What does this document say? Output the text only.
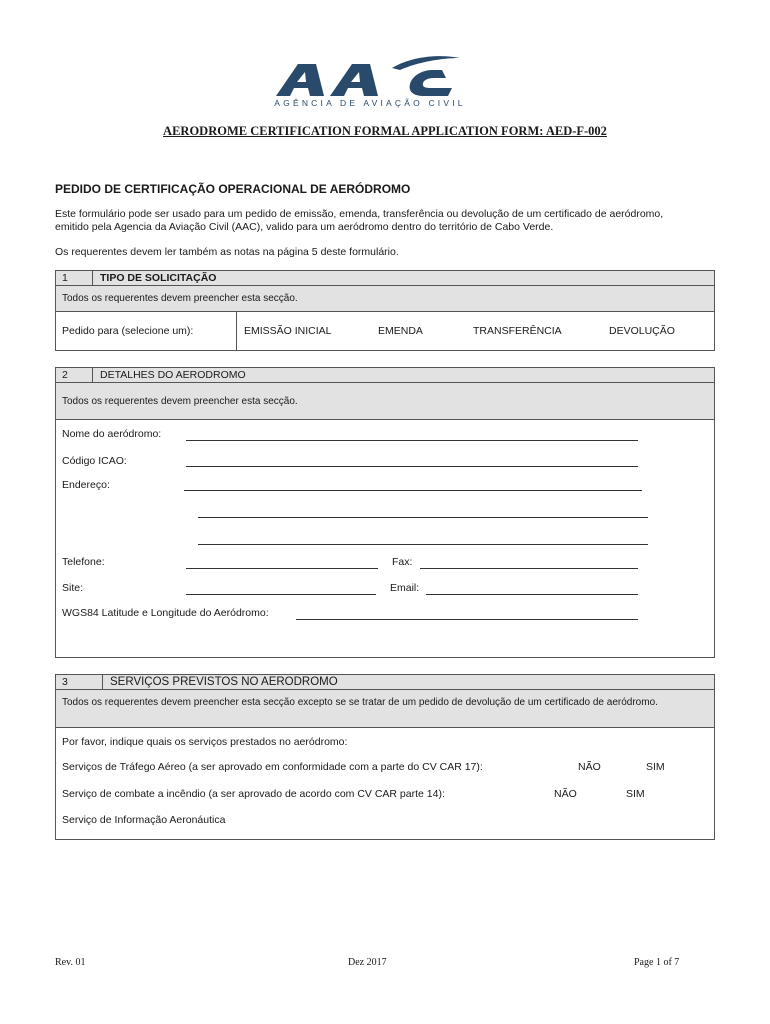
AGÊNCIA DE AVIAÇÃO CIVIL
AERODROME CERTIFICATION FORMAL APPLICATION FORM: AED-F-002
PEDIDO DE CERTIFICAÇÃO OPERACIONAL DE AERÓDROMO
Este formulário pode ser usado para um pedido de emissão, emenda, transferência ou devolução de um certificado de aeródromo, emitido pela Agencia da Aviação Civil (AAC), valido para um aeródromo dentro do território de Cabo Verde.
Os requerentes devem ler também as notas na página 5 deste formulário.
1	TIPO DE SOLICITAÇÃO
Todos os requerentes devem preencher esta secção.
Pedido para (selecione um):	EMISSÃO INICIAL	EMENDA	TRANSFERÊNCIA	DEVOLUÇÃO
2	DETALHES DO AERODROMO
Todos os requerentes devem preencher esta secção.
Nome do aeródromo:
Código ICAO:
Endereço:
Telefone:	Fax:
Site:	Email:
WGS84 Latitude e Longitude do Aeródromo:
3	SERVIÇOS PREVISTOS NO AERODROMO
Todos os requerentes devem preencher esta secção excepto se se tratar de um pedido de devolução de um certificado de aeródromo.
Por favor, indique quais os serviços prestados no aeródromo:
Serviços de Tráfego Aéreo (a ser aprovado em conformidade com a parte do CV CAR 17):	NÃO	SIM
Serviço de combate a incêndio (a ser aprovado de acordo com CV CAR parte 14):	NÃO	SIM
Serviço de Informação Aeronáutica
Rev. 01	Dez 2017	Page 1 of 7
